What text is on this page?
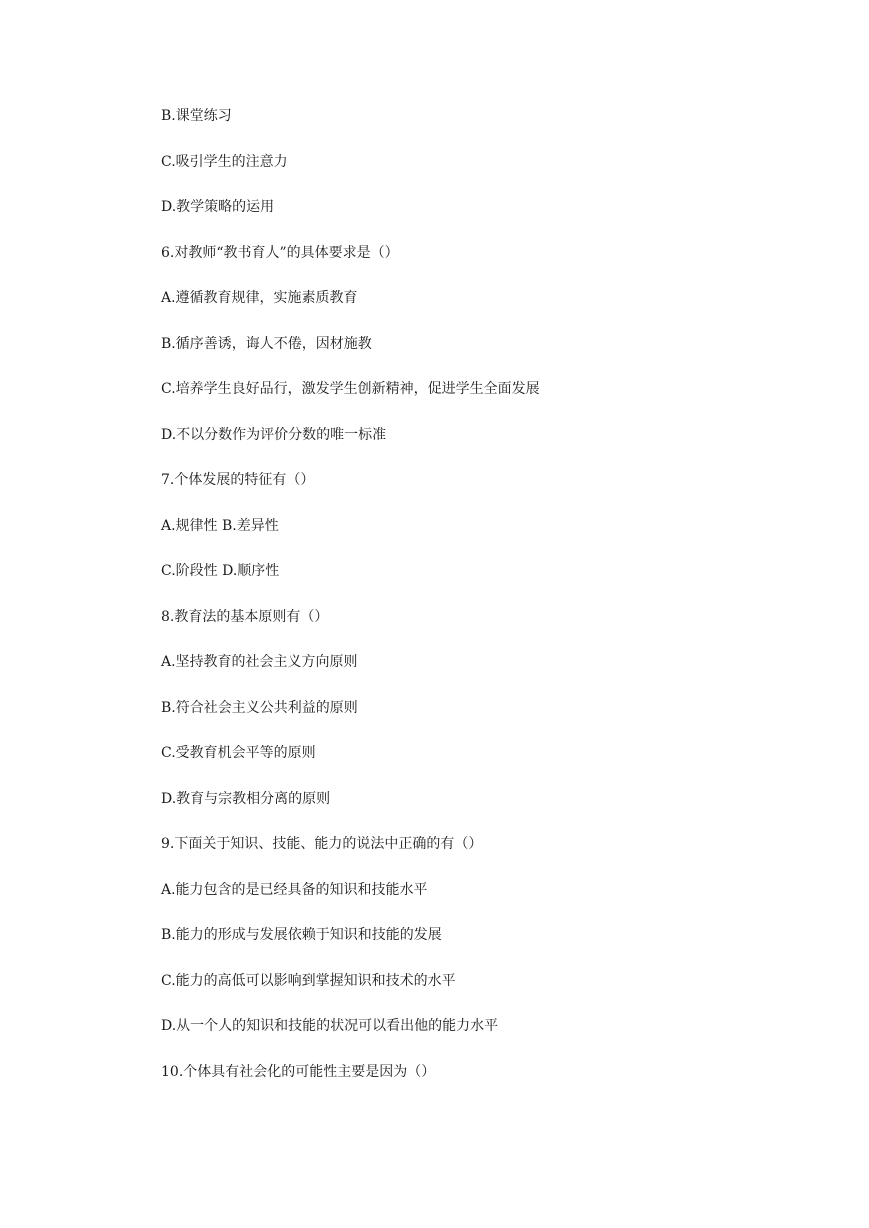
B.课堂练习
C.吸引学生的注意力
D.教学策略的运用
6.对教师“教书育人”的具体要求是（）
A.遵循教育规律，实施素质教育
B.循序善诱，诲人不倦，因材施教
C.培养学生良好品行，激发学生创新精神，促进学生全面发展
D.不以分数作为评价分数的唯一标准
7.个体发展的特征有（）
A.规律性 B.差异性
C.阶段性 D.顺序性
8.教育法的基本原则有（）
A.坚持教育的社会主义方向原则
B.符合社会主义公共利益的原则
C.受教育机会平等的原则
D.教育与宗教相分离的原则
9.下面关于知识、技能、能力的说法中正确的有（）
A.能力包含的是已经具备的知识和技能水平
B.能力的形成与发展依赖于知识和技能的发展
C.能力的高低可以影响到掌握知识和技术的水平
D.从一个人的知识和技能的状况可以看出他的能力水平
10.个体具有社会化的可能性主要是因为（）
